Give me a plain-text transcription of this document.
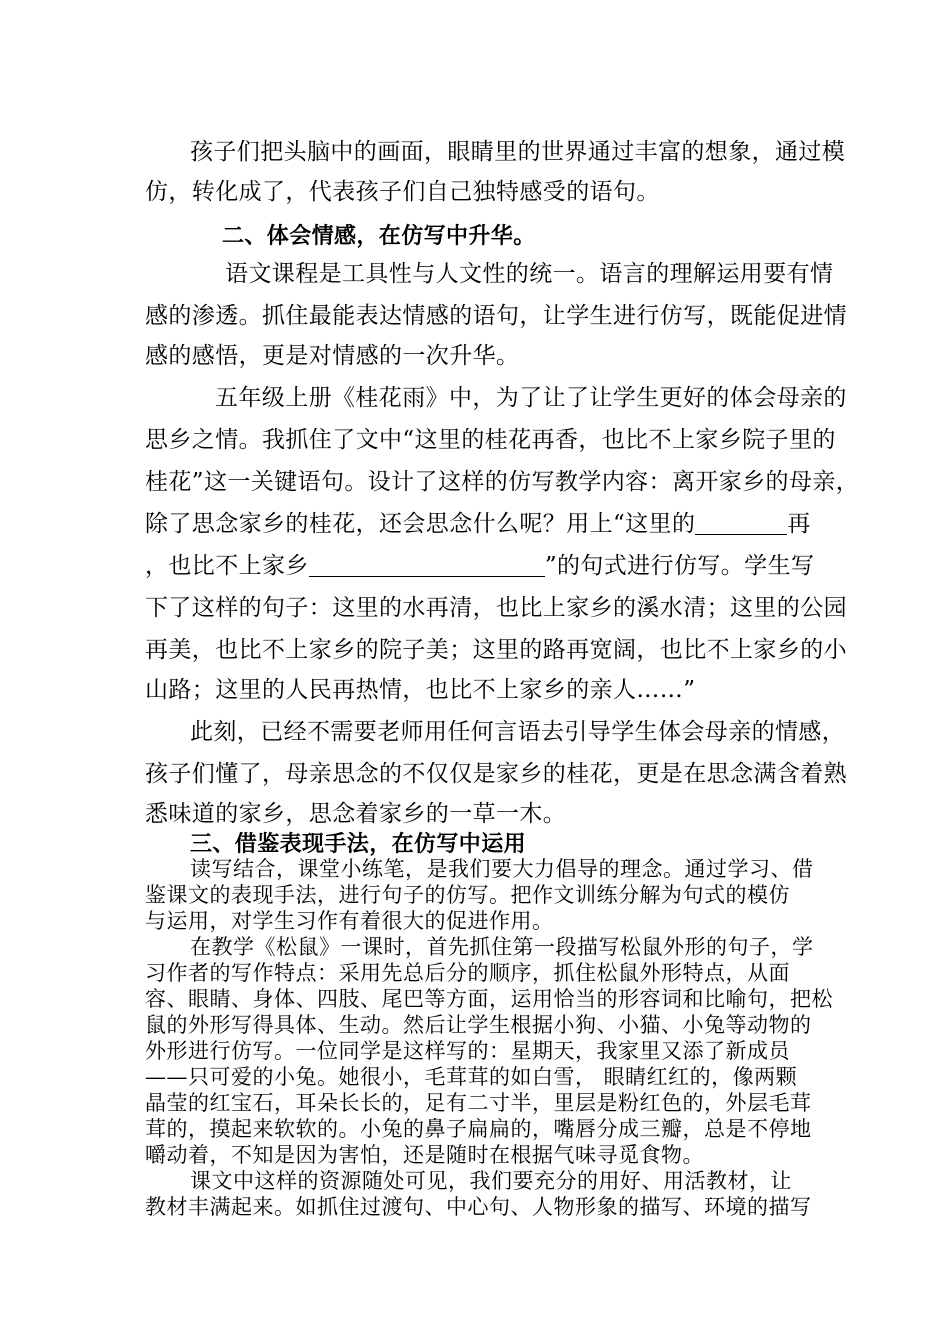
孩子们把头脑中的画面，眼睛里的世界通过丰富的想象，通过模
仿，转化成了，代表孩子们自己独特感受的语句。
二、体会情感，在仿写中升华。
语文课程是工具性与人文性的统一。语言的理解运用要有情
感的渗透。抓住最能表达情感的语句，让学生进行仿写，既能促进情
感的感悟，更是对情感的一次升华。
五年级上册《桂花雨》中，为了让了让学生更好的体会母亲的
思乡之情。我抓住了文中“这里的桂花再香，也比不上家乡院子里的
桂花”这一关键语句。设计了这样的仿写教学内容：离开家乡的母亲，
除了思念家乡的桂花，还会思念什么呢？用上“这里的	再
，也比不上家乡	”的句式进行仿写。学生写
下了这样的句子：这里的水再清，也比上家乡的溪水清；这里的公园
再美，也比不上家乡的院子美；这里的路再宽阔，也比不上家乡的小
山路；这里的人民再热情，也比不上家乡的亲人……”
此刻，已经不需要老师用任何言语去引导学生体会母亲的情感，
孩子们懂了，母亲思念的不仅仅是家乡的桂花，更是在思念满含着熟
悉味道的家乡，思念着家乡的一草一木。
三、借鉴表现手法，在仿写中运用
读写结合，课堂小练笔，是我们要大力倡导的理念。通过学习、借
鉴课文的表现手法，进行句子的仿写。把作文训练分解为句式的模仿
与运用，对学生习作有着很大的促进作用。
在教学《松鼠》一课时，首先抓住第一段描写松鼠外形的句子，学
习作者的写作特点：采用先总后分的顺序，抓住松鼠外形特点，从面
容、眼睛、身体、四肢、尾巴等方面，运用恰当的形容词和比喻句，把松
鼠的外形写得具体、生动。然后让学生根据小狗、小猫、小兔等动物的
外形进行仿写。一位同学是这样写的：星期天，我家里又添了新成员
——只可爱的小兔。她很小，毛茸茸的如白雪， 眼睛红红的，像两颗
晶莹的红宝石，耳朵长长的，足有二寸半，里层是粉红色的，外层毛茸
茸的，摸起来软软的。小兔的鼻子扁扁的，嘴唇分成三瓣，总是不停地
嚼动着，不知是因为害怕，还是随时在根据气味寻觅食物。
课文中这样的资源随处可见，我们要充分的用好、用活教材，让
教材丰满起来。如抓住过渡句、中心句、人物形象的描写、环境的描写
